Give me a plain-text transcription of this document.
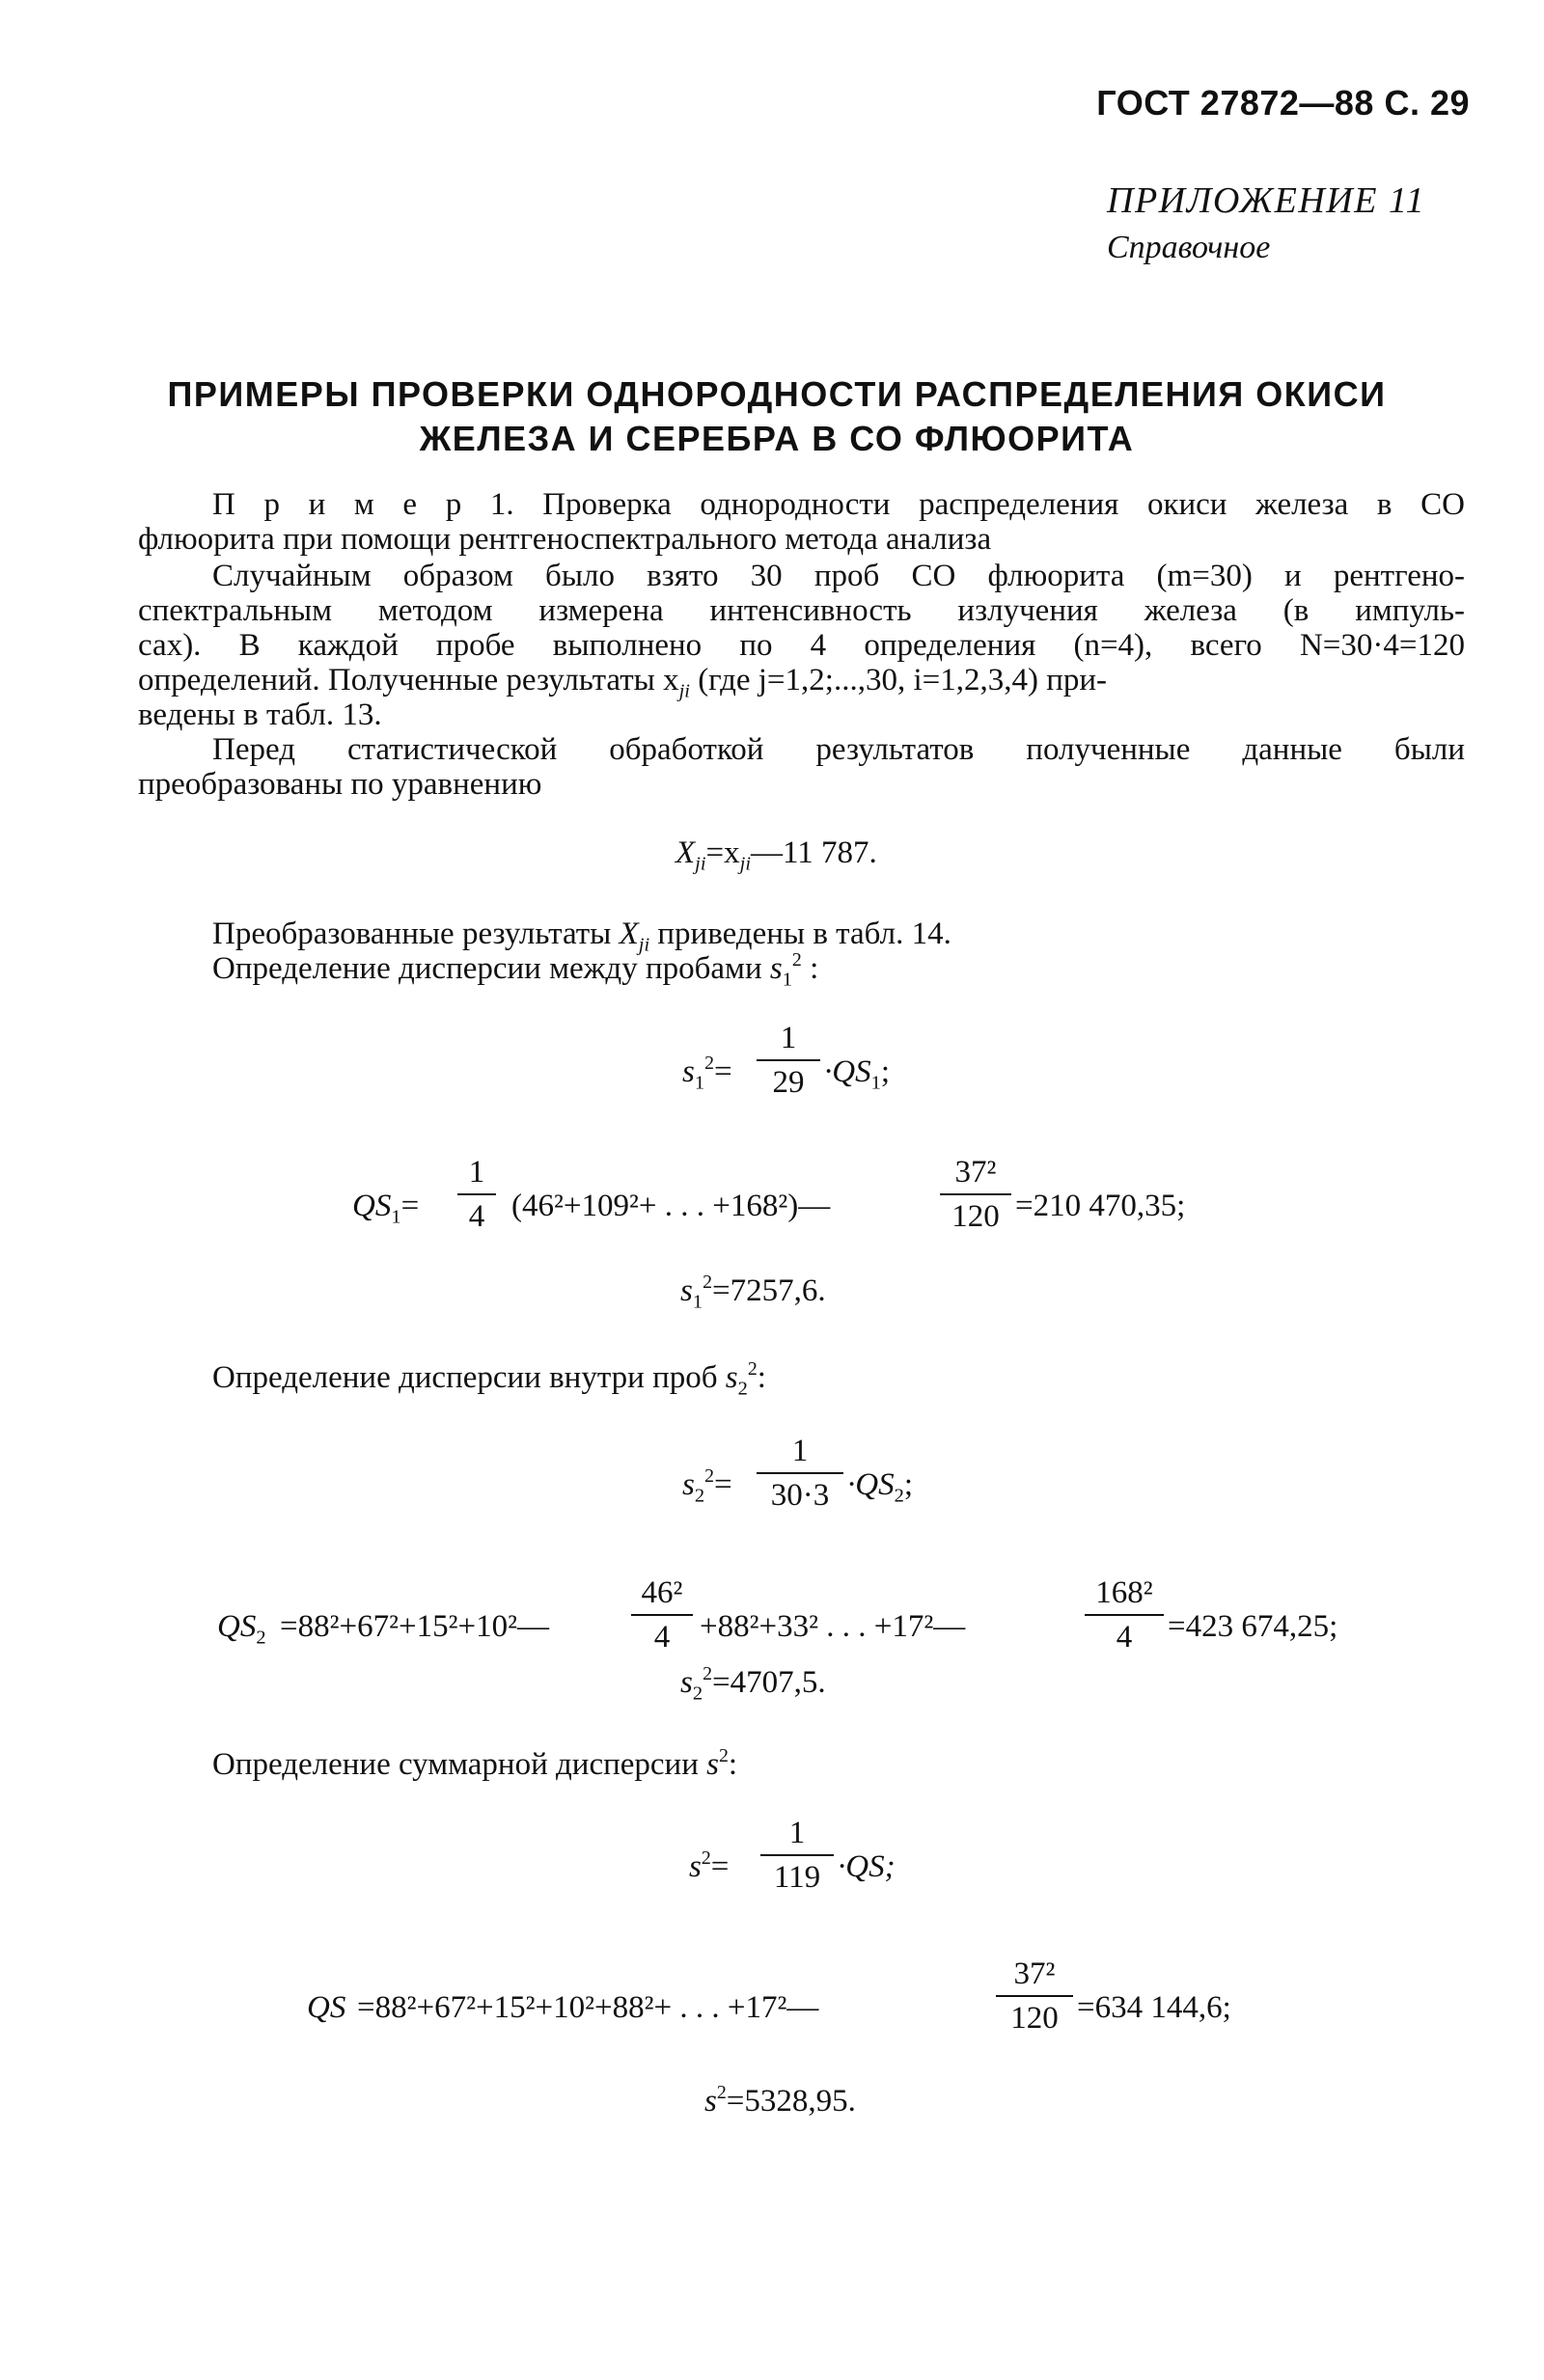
ГОСТ 27872—88 С. 29
ПРИЛОЖЕНИЕ 11
Справочное
ПРИМЕРЫ ПРОВЕРКИ ОДНОРОДНОСТИ РАСПРЕДЕЛЕНИЯ ОКИСИ
ЖЕЛЕЗА И СЕРЕБРА В СО ФЛЮОРИТА
П р и м е р 1. Проверка однородности распределения окиси железа в СО
флюорита при помощи рентгеноспектрального метода анализа
Случайным образом было взято 30 проб СО флюорита (m=30) и рентгено-
спектральным методом измерена интенсивность излучения железа (в импуль-
сах). В каждой пробе выполнено по 4 определения (n=4), всего N=30·4=120
определений. Полученные результаты $x_{ji}$ (где j=1,2;...,30, i=1,2,3,4) при-
ведены в табл. 13.
Перед статистической обработкой результатов полученные данные были
преобразованы по уравнению
$X_{ji}=x_{ji}—11$ 787.
Преобразованные результаты $X_{ji}$ приведены в табл. 14.
Определение дисперсии между пробами $s_1^2$ :
$s_1^2= \frac{1}{29} \cdot QS_1$;
$QS_1= \frac{1}{4} (46^2+109^2+$ . . . +168²)—	$\frac{\text{37²}}{120} =210$ 470,35;
$s_1^2=7257,6$.
Определение дисперсии внутри проб $s_2^2$:
$s_2^2= \frac{1}{30\cdot 3} \cdot QS_2$;
$QS_2$ =88²+67²+15²+10²—	$\frac{\text{46²}}{4} +88^2+33^2$ . . . +17²—	$\frac{\text{168²}}{4} =423$ 674,25;
$s_2^2=4707,5$.
Определение суммарной дисперсии $s^2$:
$s^2= \frac{1}{119} \cdot QS$;
QS =88²+67²+15²+10²+88²+ . . . +17²—	$\frac{\text{37²}}{120} =634$ 144,6;
$s^2=5328,95$.
